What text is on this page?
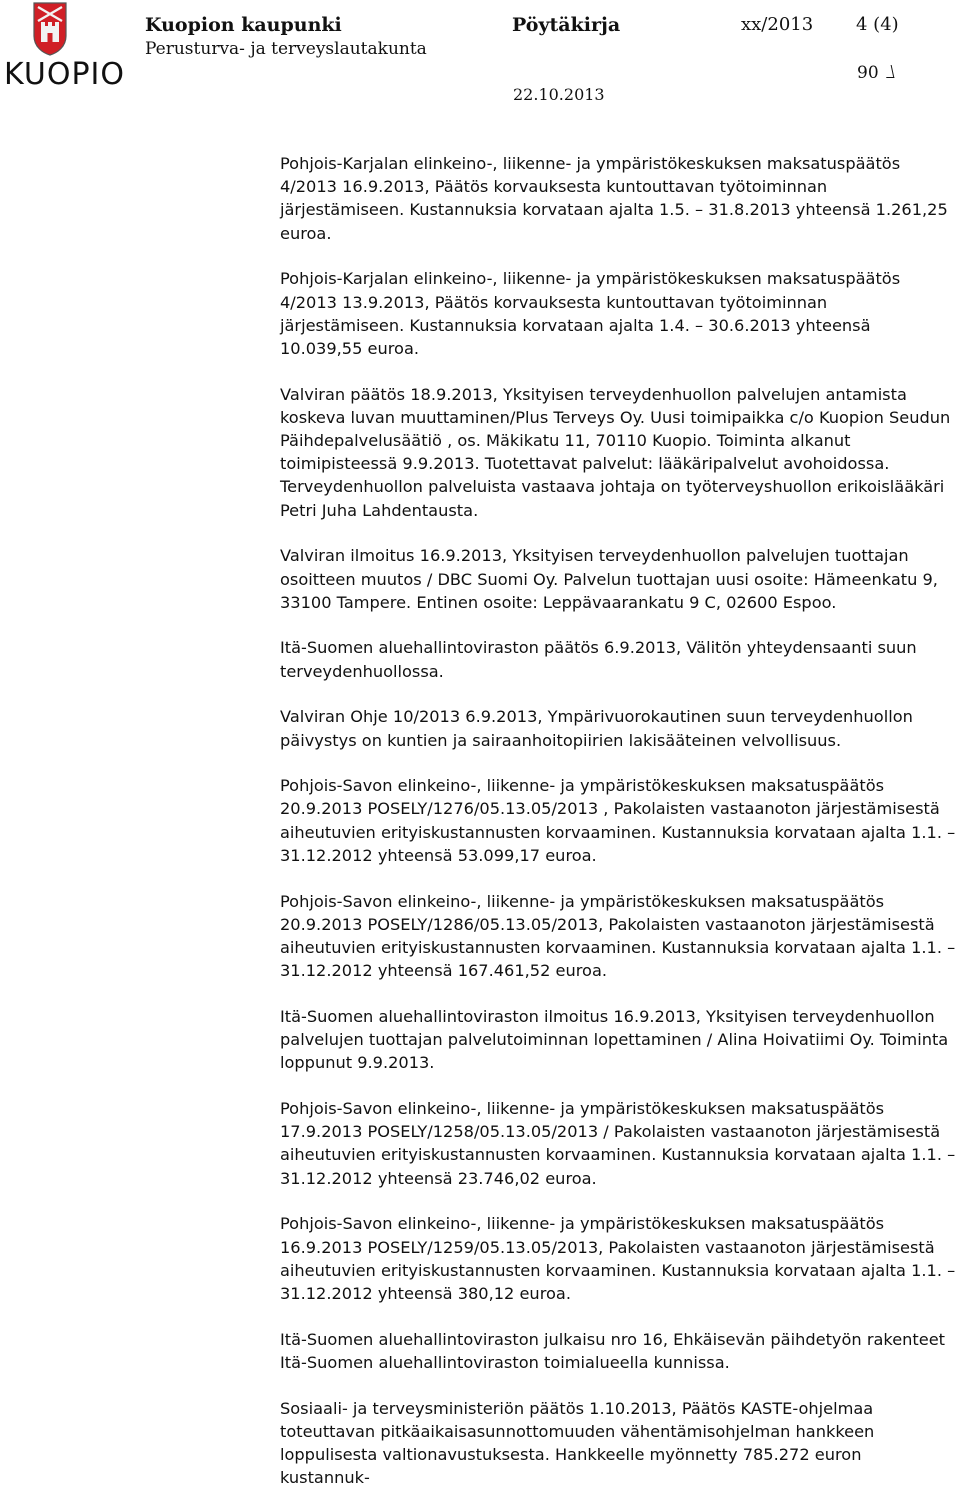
KUOPIO
Kuopion kaupunki
Perusturva- ja terveyslautakunta
Pöytäkirja	xx/2013 4 (4)
90
22.10.2013

Pohjois-Karjalan elinkeino-, liikenne- ja ympäristökeskuksen maksatuspäätös 4/2013 16.9.2013, Päätös korvauksesta kuntouttavan työtoiminnan järjestämiseen. Kustannuksia korvataan ajalta 1.5. – 31.8.2013 yhteensä 1.261,25 euroa.

Pohjois-Karjalan elinkeino-, liikenne- ja ympäristökeskuksen maksatuspäätös 4/2013 13.9.2013, Päätös korvauksesta kuntouttavan työtoiminnan järjestämiseen. Kustannuksia korvataan ajalta 1.4. – 30.6.2013 yhteensä 10.039,55 euroa.

Valviran päätös 18.9.2013, Yksityisen terveydenhuollon palvelujen antamista koskeva luvan muuttaminen/Plus Terveys Oy. Uusi toimipaikka c/o Kuopion Seudun Päihdepalvelusäätiö , os. Mäkikatu 11, 70110 Kuopio. Toiminta alkanut toimipisteessä 9.9.2013. Tuotettavat palvelut: lääkäripalvelut avohoidossa. Terveydenhuollon palveluista vastaava johtaja on työterveyshuollon erikoislääkäri Petri Juha Lahdentausta.

Valviran ilmoitus 16.9.2013, Yksityisen terveydenhuollon palvelujen tuottajan osoitteen muutos / DBC Suomi Oy. Palvelun tuottajan uusi osoite: Hämeenkatu 9, 33100 Tampere. Entinen osoite: Leppävaarankatu 9 C, 02600 Espoo.

Itä-Suomen aluehallintoviraston päätös 6.9.2013, Välitön yhteydensaanti suun terveydenhuollossa.

Valviran Ohje 10/2013 6.9.2013, Ympärivuorokautinen suun terveydenhuollon päivystys on kuntien ja sairaanhoitopiirien lakisääteinen velvollisuus.

Pohjois-Savon elinkeino-, liikenne- ja ympäristökeskuksen maksatuspäätös 20.9.2013 POSELY/1276/05.13.05/2013 , Pakolaisten vastaanoton järjestämisestä aiheutuvien erityiskustannusten korvaaminen. Kustannuksia korvataan ajalta 1.1. – 31.12.2012 yhteensä 53.099,17 euroa.

Pohjois-Savon elinkeino-, liikenne- ja ympäristökeskuksen maksatuspäätös 20.9.2013 POSELY/1286/05.13.05/2013, Pakolaisten vastaanoton järjestämisestä aiheutuvien erityiskustannusten korvaaminen. Kustannuksia korvataan ajalta 1.1. – 31.12.2012 yhteensä 167.461,52 euroa.

Itä-Suomen aluehallintoviraston ilmoitus 16.9.2013, Yksityisen terveydenhuollon palvelujen tuottajan palvelutoiminnan lopettaminen / Alina Hoivatiimi Oy. Toiminta loppunut 9.9.2013.

Pohjois-Savon elinkeino-, liikenne- ja ympäristökeskuksen maksatuspäätös 17.9.2013 POSELY/1258/05.13.05/2013 / Pakolaisten vastaanoton järjestämisestä aiheutuvien erityiskustannusten korvaaminen. Kustannuksia korvataan ajalta 1.1. – 31.12.2012 yhteensä 23.746,02 euroa.

Pohjois-Savon elinkeino-, liikenne- ja ympäristökeskuksen maksatuspäätös 16.9.2013 POSELY/1259/05.13.05/2013, Pakolaisten vastaanoton järjestämisestä aiheutuvien erityiskustannusten korvaaminen. Kustannuksia korvataan ajalta 1.1. – 31.12.2012 yhteensä 380,12 euroa.

Itä-Suomen aluehallintoviraston julkaisu nro 16, Ehkäisevän päihdetyön rakenteet Itä-Suomen aluehallintoviraston toimialueella kunnissa.

Sosiaali- ja terveysministeriön päätös 1.10.2013, Päätös KASTE-ohjelmaa toteuttavan pitkäaikaisasunnottomuuden vähentämisohjelman hankkeen loppulisesta valtionavustuksesta. Hankkeelle myönnetty 785.272 euron kustannuk-
